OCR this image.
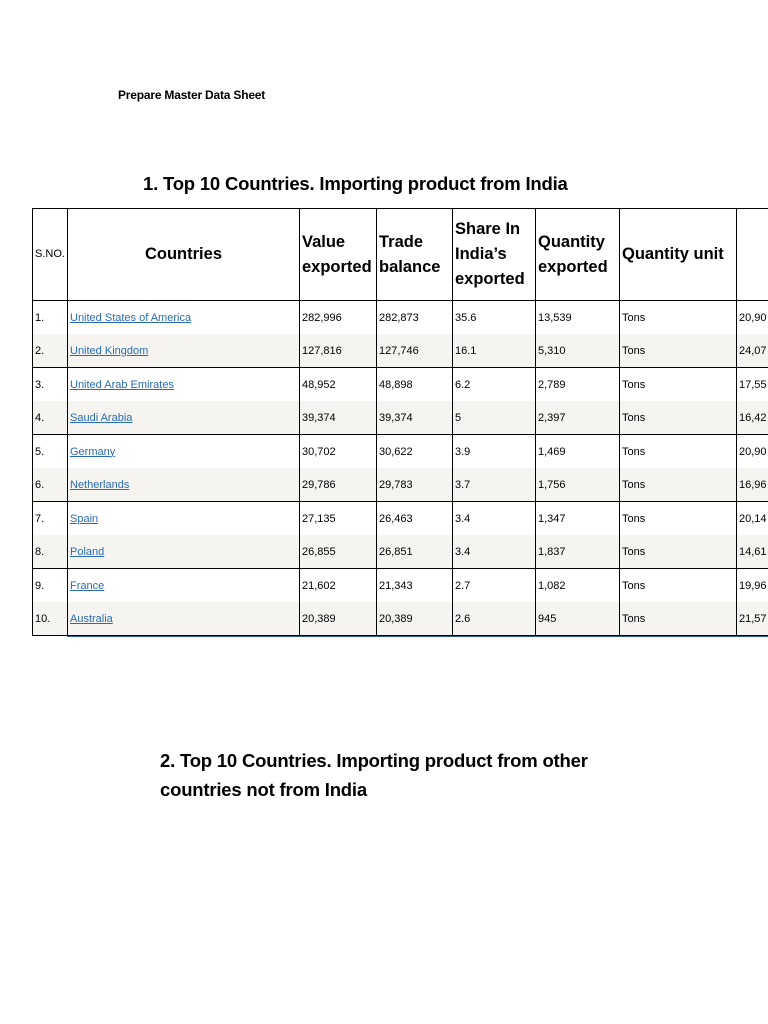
Prepare Master Data Sheet
1. Top 10 Countries. Importing product from India
S.NO.	Countries	Value exported	Trade balance	Share In India’s exported	Quantity exported	Quantity unit	
1.	United States of America	282,996	282,873	35.6	13,539	Tons	20,90
2.	United Kingdom	127,816	127,746	16.1	5,310	Tons	24,07
3.	United Arab Emirates	48,952	48,898	6.2	2,789	Tons	17,55
4.	Saudi Arabia	39,374	39,374	5	2,397	Tons	16,42
5.	Germany	30,702	30,622	3.9	1,469	Tons	20,90
6.	Netherlands	29,786	29,783	3.7	1,756	Tons	16,96
7.	Spain	27,135	26,463	3.4	1,347	Tons	20,14
8.	Poland	26,855	26,851	3.4	1,837	Tons	14,61
9.	France	21,602	21,343	2.7	1,082	Tons	19,96
10.	Australia	20,389	20,389	2.6	945	Tons	21,57
2. Top 10 Countries. Importing product from other countries not from India
